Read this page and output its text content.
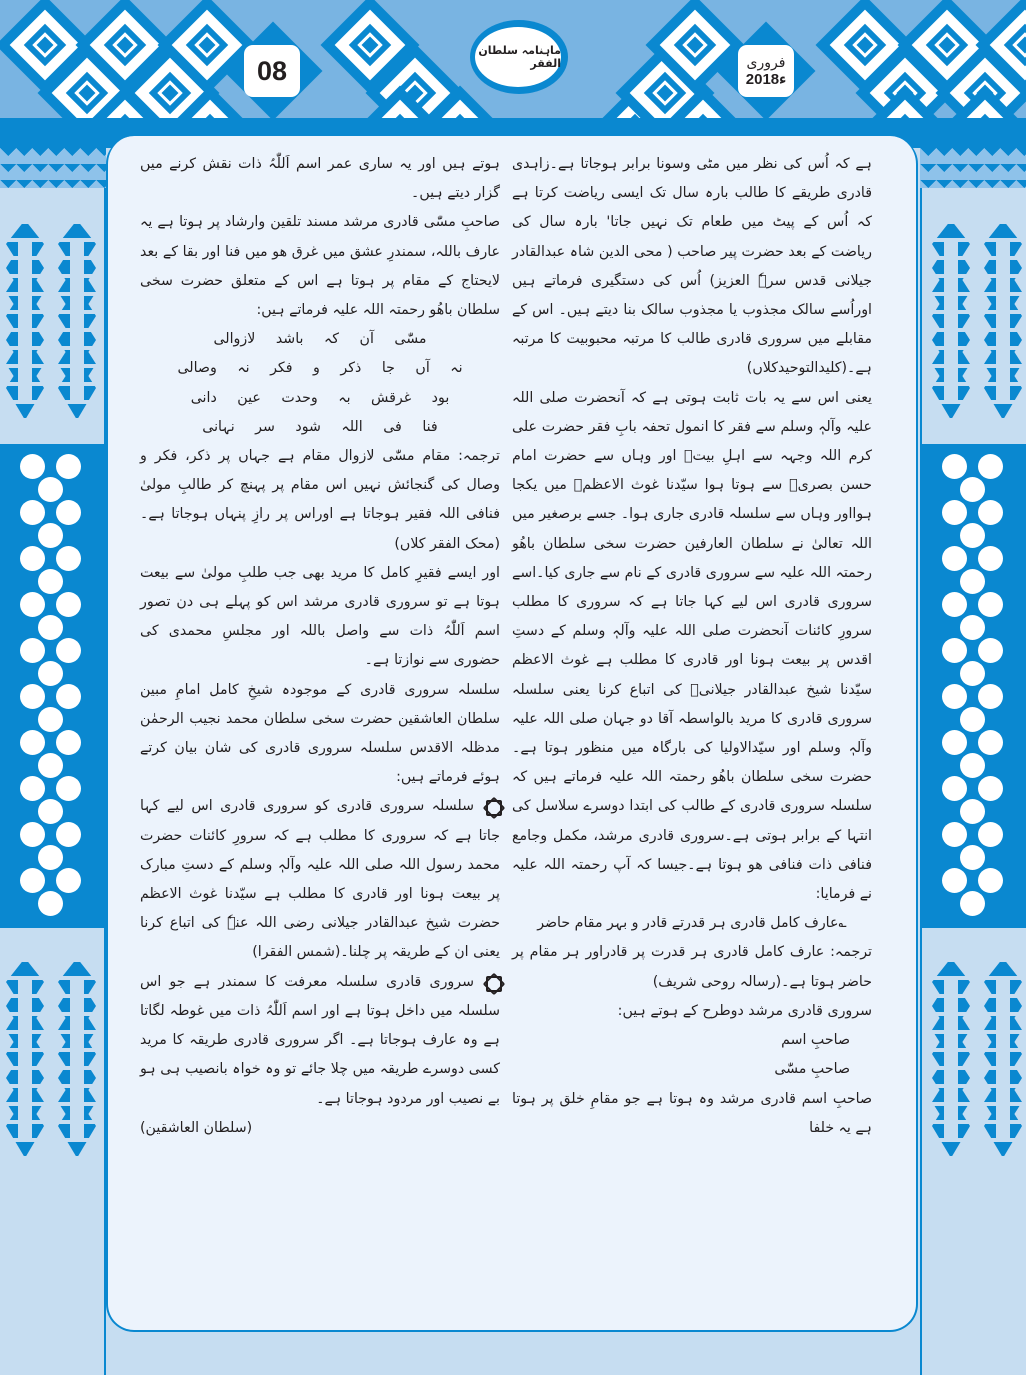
08
ماہنامہ سلطان الفقر	فروری
2018ء

ہے کہ اُس کی نظر میں مٹی وسونا برابر ہوجاتا ہے۔زاہدی قادری طریقے کا طالب بارہ سال تک ایسی ریاضت کرتا ہے کہ اُس کے پیٹ میں طعام تک نہیں جاتا' بارہ سال کی ریاضت کے بعد حضرت پیر صاحب ( محی الدین شاہ عبدالقادر جیلانی قدس سرہٗ العزیز) اُس کی دستگیری فرماتے ہیں اوراُسے سالک مجذوب یا مجذوب سالک بنا دیتے ہیں۔ اس کے مقابلے میں سروری قادری طالب کا مرتبہ محبوبیت کا مرتبہ ہے۔(کلیدالتوحیدکلاں)

یعنی اس سے یہ بات ثابت ہوتی ہے کہ آنحضرت صلی اللہ علیہ وآلہٖ وسلم سے فقر کا انمول تحفہ بابِ فقر حضرت علی کرم اللہ وجہہ سے اہلِ بیتؓ اور وہاں سے حضرت امام حسن بصریؓ سے ہوتا ہوا سیّدنا غوث الاعظمؓ میں یکجا ہوااور وہاں سے سلسلہ قادری جاری ہوا۔ جسے برصغیر میں اللہ تعالیٰ نے سلطان العارفین حضرت سخی سلطان باھُو رحمتہ اللہ علیہ سے سروری قادری کے نام سے جاری کیا۔اسے سروری قادری اس لیے کہا جاتا ہے کہ سروری کا مطلب سرورِ کائنات آنحضرت صلی اللہ علیہ وآلہٖ وسلم کے دستِ اقدس پر بیعت ہونا اور قادری کا مطلب ہے غوث الاعظم سیّدنا شیخ عبدالقادر جیلانیؓ کی اتباع کرنا یعنی سلسلہ سروری قادری کا مرید بالواسطہ آقا دو جہان صلی اللہ علیہ وآلہٖ وسلم اور سیّدالاولیا کی بارگاہ میں منظور ہوتا ہے۔حضرت سخی سلطان باھُو رحمتہ اللہ علیہ فرماتے ہیں کہ سلسلہ سروری قادری کے طالب کی ابتدا دوسرے سلاسل کی انتہا کے برابر ہوتی ہے۔سروری قادری مرشد، مکمل وجامع فنافی ذات فنافی ھو ہوتا ہے۔جیسا کہ آپ رحمتہ اللہ علیہ نے فرمایا:

؎عارف کامل قادری ہر قدرتے قادر و بہر مقام حاضر

ترجمہ: عارف کامل قادری ہر قدرت پر قادراور ہر مقام پر حاضر ہوتا ہے۔(رسالہ روحی شریف)

سروری قادری مرشد دوطرح کے ہوتے ہیں:

صاحبِ اسم

صاحبِ مسّٰی

صاحبِ اسم قادری مرشد وہ ہوتا ہے جو مقامِ خلق پر ہوتا ہے یہ خلفا

ہوتے ہیں اور یہ ساری عمر اسم اَللّٰہُ ذات نقش کرنے میں گزار دیتے ہیں۔

صاحبِ مسّٰی قادری مرشد مسند تلقین وارشاد پر ہوتا ہے یہ عارف باللہ، سمندرِ عشق میں غرق ھو میں فنا اور بقا کے بعد لایحتاج کے مقام پر ہوتا ہے اس کے متعلق حضرت سخی سلطان باھُو رحمتہ اللہ علیہ فرماتے ہیں:

مسّٰی آن کہ باشد لازوالی

نہ آں جا ذکر و فکر نہ وصالی

بود غرقش بہ وحدت عین دانی

فنا فی اللہ شود سر نہانی

ترجمہ: مقام مسّٰی لازوال مقام ہے جہاں پر ذکر، فکر و وصال کی گنجائش نہیں اس مقام پر پہنچ کر طالبِ مولیٰ فنافی اللہ فقیر ہوجاتا ہے اوراس پر رازِ پنہاں ہوجاتا ہے۔(محک الفقر کلاں)

اور ایسے فقیرِ کامل کا مرید بھی جب طلبِ مولیٰ سے بیعت ہوتا ہے تو سروری قادری مرشد اس کو پہلے ہی دن تصور اسم اَللّٰہُ ذات سے واصل باللہ اور مجلسِ محمدی کی حضوری سے نوازتا ہے۔

سلسلہ سروری قادری کے موجودہ شیخِ کامل امامِ مبین سلطان العاشقین حضرت سخی سلطان محمد نجیب الرحمٰن مدظلہ الاقدس سلسلہ سروری قادری کی شان بیان کرتے ہوئے فرماتے ہیں:

سلسلہ سروری قادری کو سروری قادری اس لیے کہا جاتا ہے کہ سروری کا مطلب ہے کہ سرورِ کائنات حضرت محمد رسول اللہ صلی اللہ علیہ وآلہٖ وسلم کے دستِ مبارک پر بیعت ہونا اور قادری کا مطلب ہے سیّدنا غوث الاعظم حضرت شیخ عبدالقادر جیلانی رضی اللہ عنہٗ کی اتباع کرنا یعنی ان کے طریقہ پر چلنا۔(شمس الفقرا)

سروری قادری سلسلہ معرفت کا سمندر ہے جو اس سلسلہ میں داخل ہوتا ہے اور اسم اَللّٰہُ ذات میں غوطہ لگاتا ہے وہ عارف ہوجاتا ہے۔ اگر سروری قادری طریقہ کا مرید کسی دوسرے طریقہ میں چلا جائے تو وہ خواہ بانصیب ہی ہو بے نصیب اور مردود ہوجاتا ہے۔

(سلطان العاشقین)
